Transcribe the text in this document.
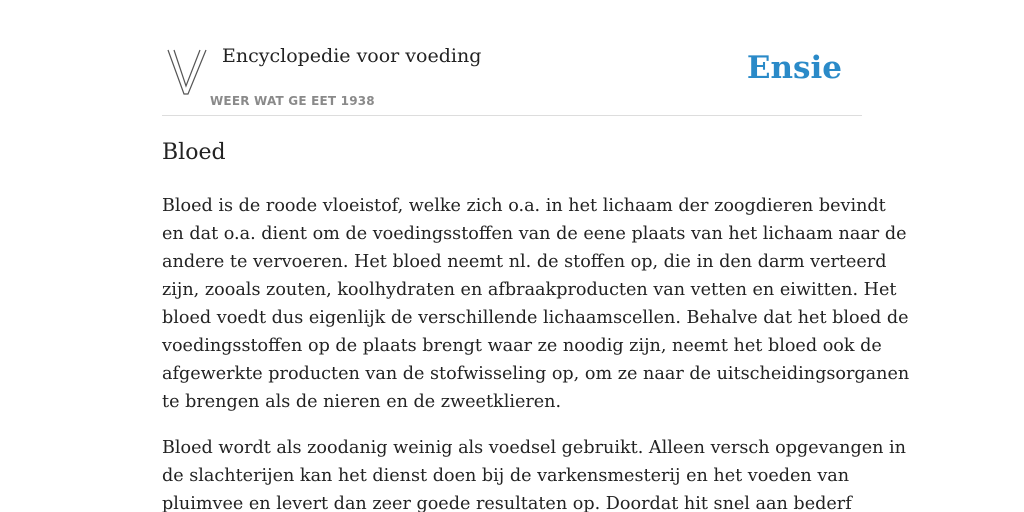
Encyclopedie voor voeding
WEER WAT GE EET 1938
Ensie
Bloed

Bloed is de roode vloeistof, welke zich o.a. in het lichaam der zoogdieren bevindt
en dat o.a. dient om de voedingsstoffen van de eene plaats van het lichaam naar de
andere te vervoeren. Het bloed neemt nl. de stoffen op, die in den darm verteerd
zijn, zooals zouten, koolhydraten en afbraakproducten van vetten en eiwitten. Het
bloed voedt dus eigenlijk de verschillende lichaamscellen. Behalve dat het bloed de
voedingsstoffen op de plaats brengt waar ze noodig zijn, neemt het bloed ook de
afgewerkte producten van de stofwisseling op, om ze naar de uitscheidingsorganen
te brengen als de nieren en de zweetklieren.

Bloed wordt als zoodanig weinig als voedsel gebruikt. Alleen versch opgevangen in
de slachterijen kan het dienst doen bij de varkensmesterij en het voeden van
pluimvee en levert dan zeer goede resultaten op. Doordat hit snel aan bederf
